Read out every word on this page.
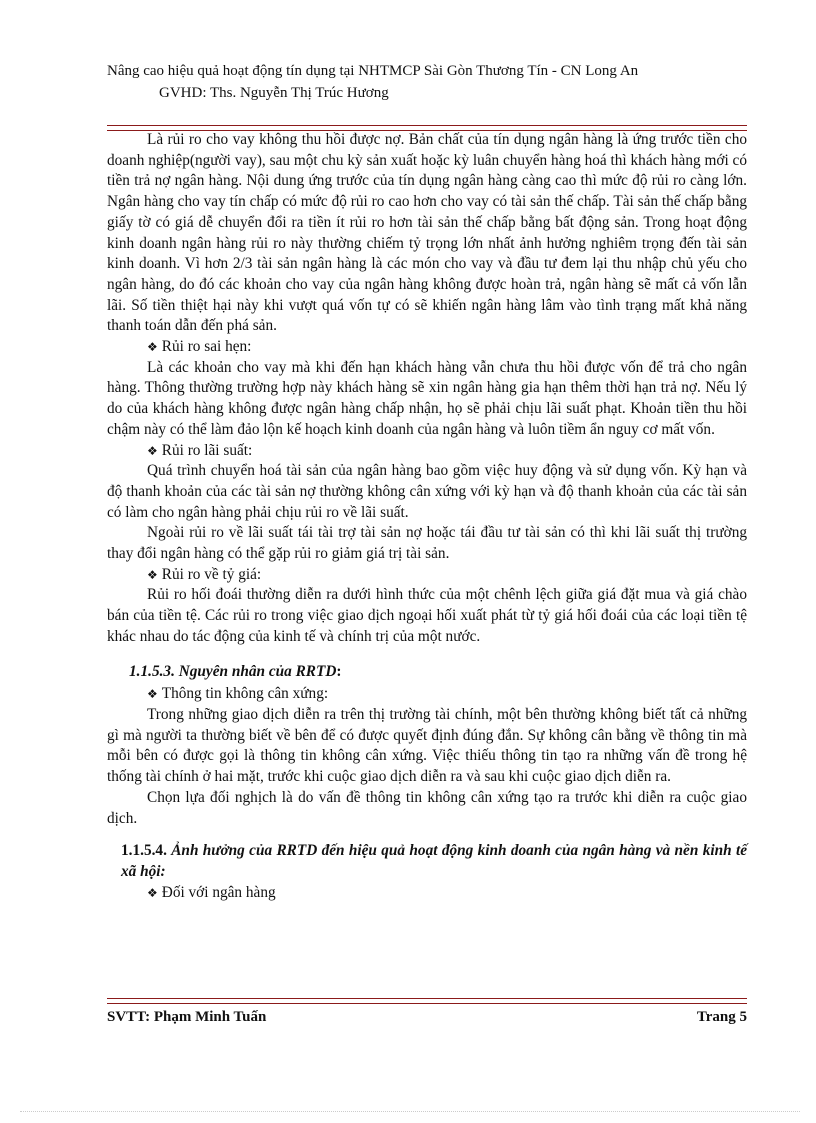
Nâng cao hiệu quả hoạt động tín dụng tại NHTMCP Sài Gòn Thương Tín - CN Long An
GVHD: Ths. Nguyễn Thị Trúc Hương

Là rủi ro cho vay không thu hồi được nợ. Bản chất của tín dụng ngân hàng là ứng trước tiền cho doanh nghiệp(người vay), sau một chu kỳ sản xuất hoặc kỳ luân chuyển hàng hoá thì khách hàng mới có tiền trả nợ ngân hàng. Nội dung ứng trước của tín dụng ngân hàng càng cao thì mức độ rủi ro càng lớn. Ngân hàng cho vay tín chấp có mức độ rủi ro cao hơn cho vay có tài sản thế chấp. Tài sản thế chấp bằng giấy tờ có giá dễ chuyển đổi ra tiền ít rủi ro hơn tài sản thế chấp bằng bất động sản. Trong hoạt động kinh doanh ngân hàng rủi ro này thường chiếm tỷ trọng lớn nhất ảnh hưởng nghiêm trọng đến tài sản kinh doanh. Vì hơn 2/3 tài sản ngân hàng là các món cho vay và đầu tư đem lại thu nhập chủ yếu cho ngân hàng, do đó các khoản cho vay của ngân hàng không được hoàn trả, ngân hàng sẽ mất cả vốn lẫn lãi. Số tiền thiệt hại này khi vượt quá vốn tự có sẽ khiến ngân hàng lâm vào tình trạng mất khả năng thanh toán dẫn đến phá sản.

❖ Rủi ro sai hẹn:

Là các khoản cho vay mà khi đến hạn khách hàng vẫn chưa thu hồi được vốn để trả cho ngân hàng. Thông thường trường hợp này khách hàng sẽ xin ngân hàng gia hạn thêm thời hạn trả nợ. Nếu lý do của khách hàng không được ngân hàng chấp nhận, họ sẽ phải chịu lãi suất phạt. Khoản tiền thu hồi chậm này có thể làm đảo lộn kế hoạch kinh doanh của ngân hàng và luôn tiềm ẩn nguy cơ mất vốn.

❖ Rủi ro lãi suất:

Quá trình chuyển hoá tài sản của ngân hàng bao gồm việc huy động và sử dụng vốn. Kỳ hạn và độ thanh khoản của các tài sản nợ thường không cân xứng với kỳ hạn và độ thanh khoản của các tài sản có làm cho ngân hàng phải chịu rủi ro về lãi suất.

Ngoài rủi ro về lãi suất tái tài trợ tài sản nợ hoặc tái đầu tư tài sản có thì khi lãi suất thị trường thay đổi ngân hàng có thể gặp rủi ro giảm giá trị tài sản.

❖ Rủi ro về tỷ giá:

Rủi ro hối đoái thường diễn ra dưới hình thức của một chênh lệch giữa giá đặt mua và giá chào bán của tiền tệ. Các rủi ro trong việc giao dịch ngoại hối xuất phát từ tỷ giá hối đoái của các loại tiền tệ khác nhau do tác động của kinh tế và chính trị của một nước.

1.1.5.3. Nguyên nhân của RRTD:

❖ Thông tin không cân xứng:

Trong những giao dịch diễn ra trên thị trường tài chính, một bên thường không biết tất cả những gì mà người ta thường biết về bên để có được quyết định đúng đắn. Sự không cân bằng về thông tin mà mỗi bên có được gọi là thông tin không cân xứng. Việc thiếu thông tin tạo ra những vấn đề trong hệ thống tài chính ở hai mặt, trước khi cuộc giao dịch diễn ra và sau khi cuộc giao dịch diễn ra.

Chọn lựa đối nghịch là do vấn đề thông tin không cân xứng tạo ra trước khi diễn ra cuộc giao dịch.

1.1.5.4. Ảnh hưởng của RRTD đến hiệu quả hoạt động kinh doanh của ngân hàng và nền kinh tế xã hội:

❖ Đối với ngân hàng

SVTT: Phạm Minh Tuấn	Trang 5
